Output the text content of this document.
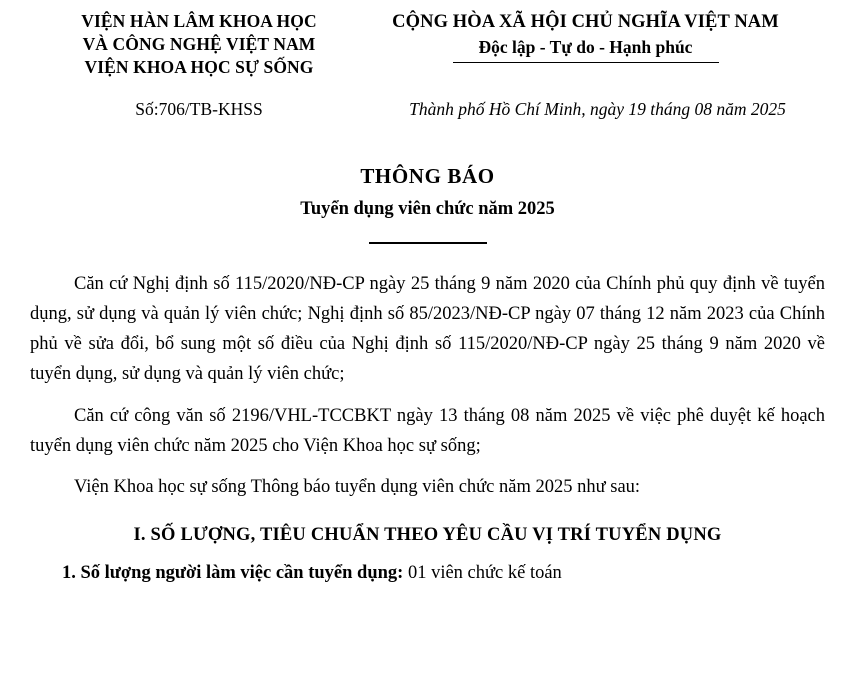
VIỆN HÀN LÂM KHOA HỌC
VÀ CÔNG NGHỆ VIỆT NAM
VIỆN KHOA HỌC SỰ SỐNG
CỘNG HÒA XÃ HỘI CHỦ NGHĨA VIỆT NAM
Độc lập - Tự do - Hạnh phúc
Số:706/TB-KHSS	Thành phố Hồ Chí Minh, ngày 19 tháng 08 năm 2025
THÔNG BÁO
Tuyển dụng viên chức năm 2025

Căn cứ Nghị định số 115/2020/NĐ-CP ngày 25 tháng 9 năm 2020 của Chính phủ quy định về tuyển dụng, sử dụng và quản lý viên chức; Nghị định số 85/2023/NĐ-CP ngày 07 tháng 12 năm 2023 của Chính phủ về sửa đổi, bổ sung một số điều của Nghị định số 115/2020/NĐ-CP ngày 25 tháng 9 năm 2020 về tuyển dụng, sử dụng và quản lý viên chức;

Căn cứ công văn số 2196/VHL-TCCBKT ngày 13 tháng 08 năm 2025 về việc phê duyệt kế hoạch tuyển dụng viên chức năm 2025 cho Viện Khoa học sự sống;

Viện Khoa học sự sống Thông báo tuyển dụng viên chức năm 2025 như sau:

I. SỐ LƯỢNG, TIÊU CHUẨN THEO YÊU CẦU VỊ TRÍ TUYỂN DỤNG
1. Số lượng người làm việc cần tuyển dụng: 01 viên chức kế toán
